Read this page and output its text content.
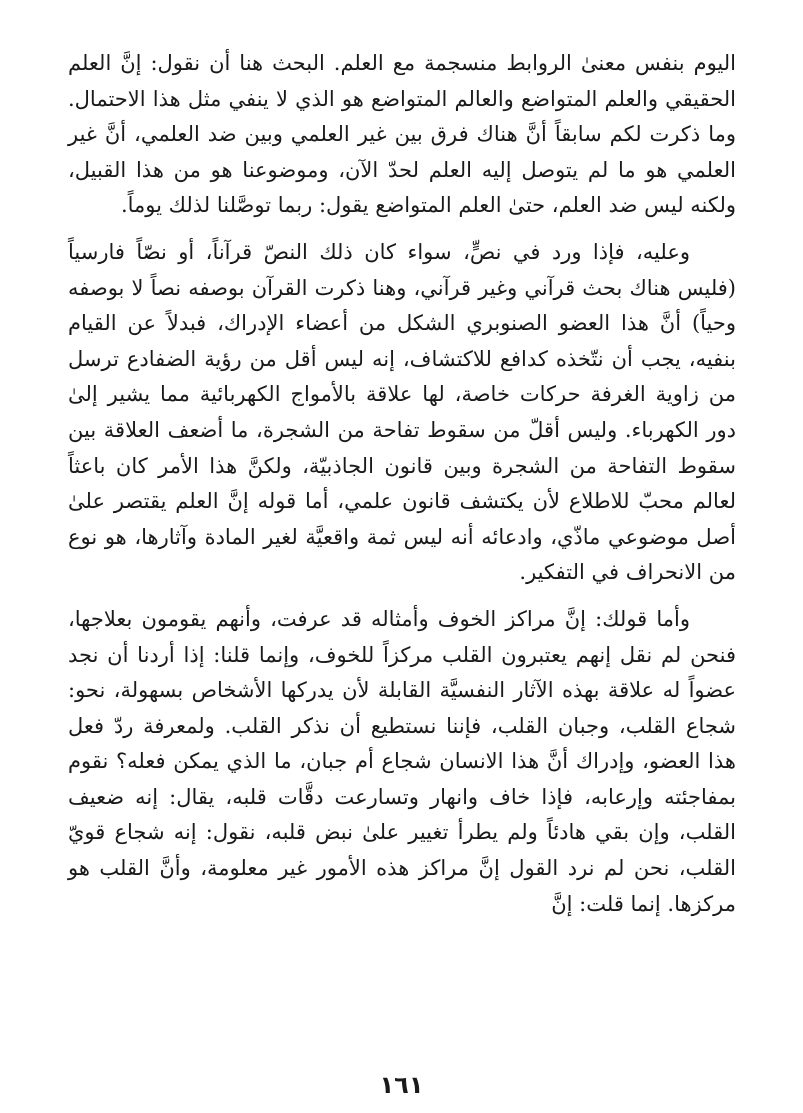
اليوم بنفس معنىٰ الروابط منسجمة مع العلم. البحث هنا أن نقول: إنَّ العلم الحقيقي والعلم المتواضع والعالم المتواضع هو الذي لا ينفي مثل هذا الاحتمال. وما ذكرت لكم سابقاً أنَّ هناك فرق بين غير العلمي وبين ضد العلمي، أنَّ غير العلمي هو ما لم يتوصل إليه العلم لحدّ الآن، وموضوعنا هو من هذا القبيل، ولكنه ليس ضد العلم، حتىٰ العلم المتواضع يقول: ربما توصَّلنا لذلك يوماً.

وعليه، فإذا ورد في نصٍّ، سواء كان ذلك النصّ قرآناً، أو نصّاً فارسياً (فليس هناك بحث قرآني وغير قرآني، وهنا ذكرت القرآن بوصفه نصاً لا بوصفه وحياً) أنَّ هذا العضو الصنوبري الشكل من أعضاء الإدراك، فبدلاً عن القيام بنفيه، يجب أن نتّخذه كدافع للاكتشاف، إنه ليس أقل من رؤية الضفادع ترسل من زاوية الغرفة حركات خاصة، لها علاقة بالأمواج الكهربائية مما يشير إلىٰ دور الكهرباء. وليس أقلّ من سقوط تفاحة من الشجرة، ما أضعف العلاقة بين سقوط التفاحة من الشجرة وبين قانون الجاذبيّة، ولكنَّ هذا الأمر كان باعثاً لعالم محبّ للاطلاع لأن يكتشف قانون علمي، أما قوله إنَّ العلم يقتصر علىٰ أصل موضوعي ماذّي، وادعائه أنه ليس ثمة واقعيَّة لغير المادة وآثارها، هو نوع من الانحراف في التفكير.

وأما قولك: إنَّ مراكز الخوف وأمثاله قد عرفت، وأنهم يقومون بعلاجها، فنحن لم نقل إنهم يعتبرون القلب مركزاً للخوف، وإنما قلنا: إذا أردنا أن نجد عضواً له علاقة بهذه الآثار النفسيَّة القابلة لأن يدركها الأشخاص بسهولة، نحو: شجاع القلب، وجبان القلب، فإننا نستطيع أن نذكر القلب. ولمعرفة ردّ فعل هذا العضو، وإدراك أنَّ هذا الانسان شجاع أم جبان، ما الذي يمكن فعله؟ نقوم بمفاجئته وإرعابه، فإذا خاف وانهار وتسارعت دقَّات قلبه، يقال: إنه ضعيف القلب، وإن بقي هادئاً ولم يطرأ تغيير علىٰ نبض قلبه، نقول: إنه شجاع قويّ القلب، نحن لم نرد القول إنَّ مراكز هذه الأمور غير معلومة، وأنَّ القلب هو مركزها. إنما قلت: إنَّ

١٦١
